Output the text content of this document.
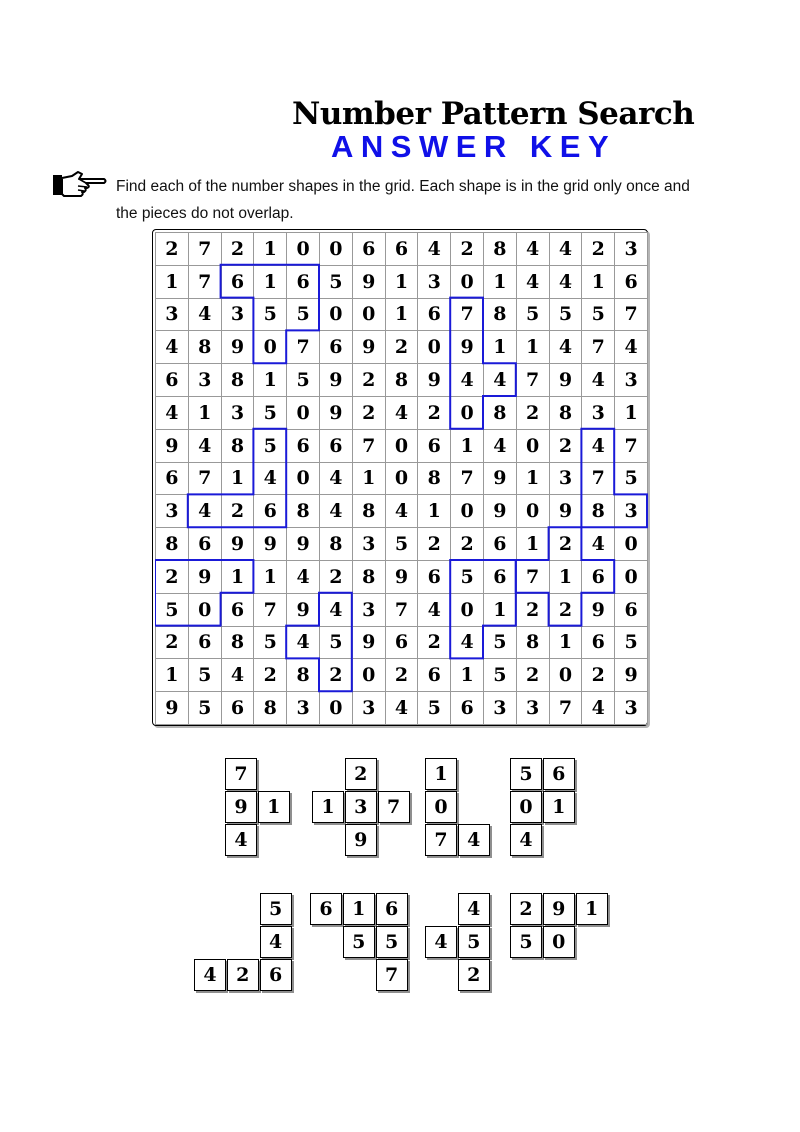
Number Pattern Search
ANSWER KEY
Find each of the number shapes in the grid. Each shape is in the grid only once and
the pieces do not overlap.
2	7	2	1	0	0	6	6	4	2	8	4	4	2	3
1	7	6	1	6	5	9	1	3	0	1	4	4	1	6
3	4	3	5	5	0	0	1	6	7	8	5	5	5	7
4	8	9	0	7	6	9	2	0	9	1	1	4	7	4
6	3	8	1	5	9	2	8	9	4	4	7	9	4	3
4	1	3	5	0	9	2	4	2	0	8	2	8	3	1
9	4	8	5	6	6	7	0	6	1	4	0	2	4	7
6	7	1	4	0	4	1	0	8	7	9	1	3	7	5
3	4	2	6	8	4	8	4	1	0	9	0	9	8	3
8	6	9	9	9	8	3	5	2	2	6	1	2	4	0
2	9	1	1	4	2	8	9	6	5	6	7	1	6	0
5	0	6	7	9	4	3	7	4	0	1	2	2	9	6
2	6	8	5	4	5	9	6	2	4	5	8	1	6	5
1	5	4	2	8	2	0	2	6	1	5	2	0	2	9
9	5	6	8	3	0	3	4	5	6	3	3	7	4	3
7
9	1
4
2
1	3	7
9
1
0
7	4
5	6
0	1
4
5
4
4	2	6
6	1	6
5	5
7
4
4	5
2
2	9	1
5	0
